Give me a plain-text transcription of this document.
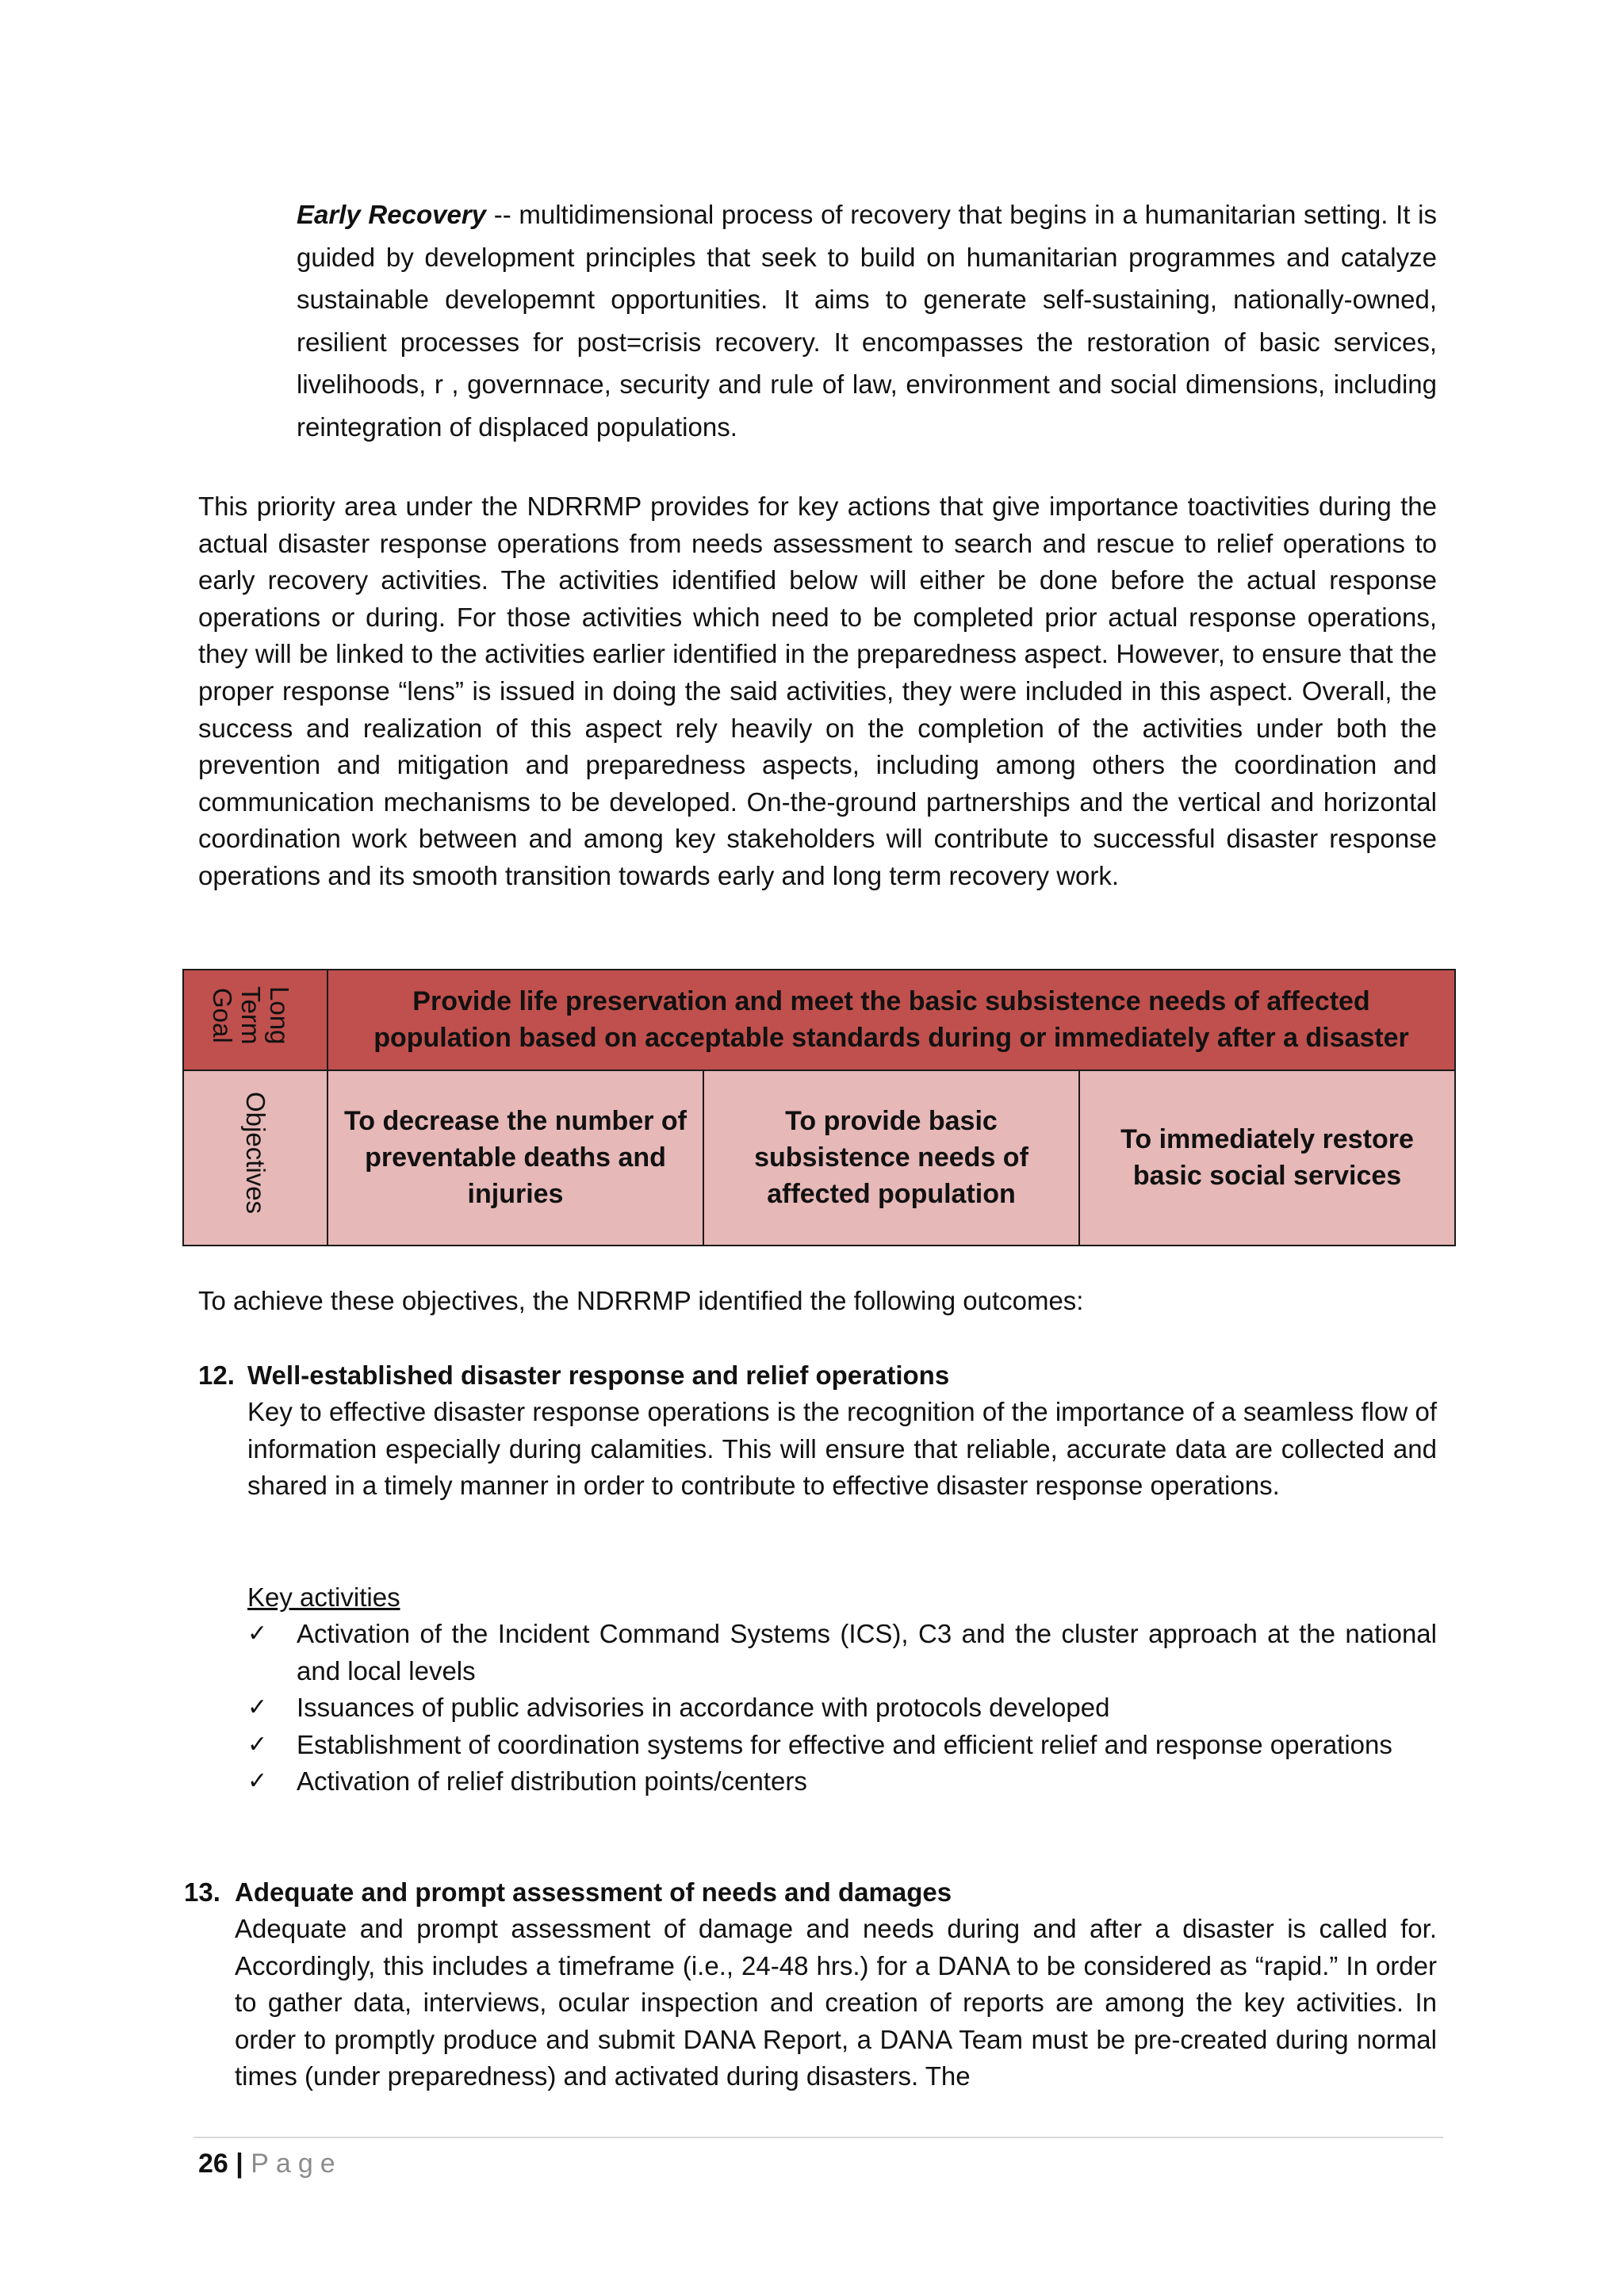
Early Recovery -- multidimensional process of recovery that begins in a humanitarian setting. It is guided by development principles that seek to build on humanitarian programmes and catalyze sustainable developemnt opportunities. It aims to generate self-sustaining, nationally-owned, resilient processes for post=crisis recovery. It encompasses the restoration of basic services, livelihoods, r , governnace, security and rule of law, environment and social dimensions, including reintegration of displaced populations.

This priority area under the NDRRMP provides for key actions that give importance toactivities during the actual disaster response operations from needs assessment to search and rescue to relief operations to early recovery activities. The activities identified below will either be done before the actual response operations or during. For those activities which need to be completed prior actual response operations, they will be linked to the activities earlier identified in the preparedness aspect. However, to ensure that the proper response “lens” is issued in doing the said activities, they were included in this aspect. Overall, the success and realization of this aspect rely heavily on the completion of the activities under both the prevention and mitigation and preparedness aspects, including among others the coordination and communication mechanisms to be developed. On-the-ground partnerships and the vertical and horizontal coordination work between and among key stakeholders will contribute to successful disaster response operations and its smooth transition towards early and long term recovery work.

Long Term Goal	Provide life preservation and meet the basic subsistence needs of affected population based on acceptable standards during or immediately after a disaster		
Objectives	To decrease the number of preventable deaths and injuries	To provide basic subsistence needs of affected population	To immediately restore basic social services

To achieve these objectives, the NDRRMP identified the following outcomes:

12. Well-established disaster response and relief operations

Key to effective disaster response operations is the recognition of the importance of a seamless flow of information especially during calamities. This will ensure that reliable, accurate data are collected and shared in a timely manner in order to contribute to effective disaster response operations.

Key activities

✓	Activation of the Incident Command Systems (ICS), C3 and the cluster approach at the national and local levels
✓	Issuances of public advisories in accordance with protocols developed
✓	Establishment of coordination systems for effective and efficient relief and response operations
✓	Activation of relief distribution points/centers
13. Adequate and prompt assessment of needs and damages

Adequate and prompt assessment of damage and needs during and after a disaster is called for. Accordingly, this includes a timeframe (i.e., 24-48 hrs.) for a DANA to be considered as “rapid.” In order to gather data, interviews, ocular inspection and creation of reports are among the key activities. In order to promptly produce and submit DANA Report, a DANA Team must be pre-created during normal times (under preparedness) and activated during disasters. The

26 | Page
